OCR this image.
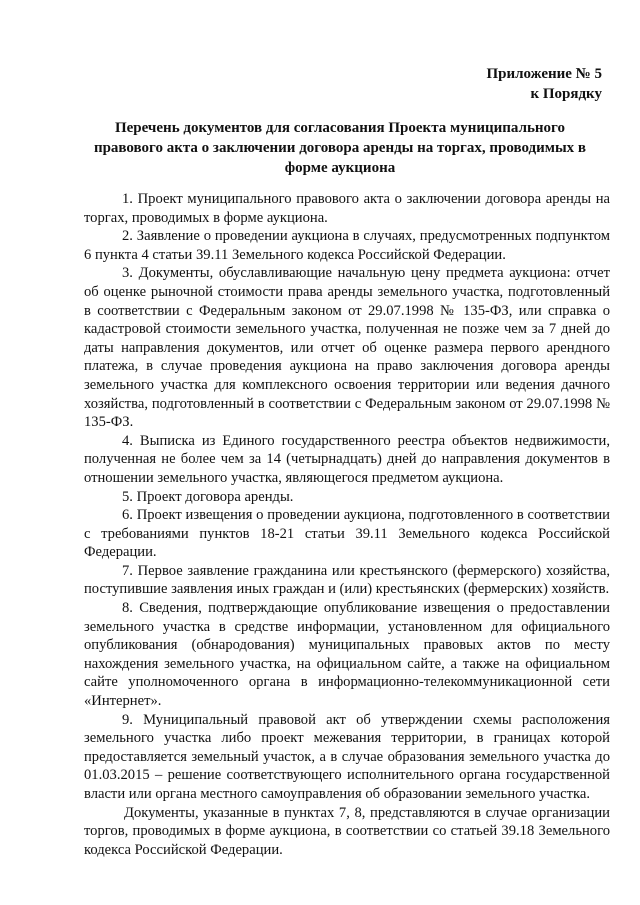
Приложение № 5
к Порядку
Перечень документов для согласования Проекта муниципального правового акта о заключении договора аренды на торгах, проводимых в форме аукциона

1. Проект муниципального правового акта о заключении договора аренды на торгах, проводимых в форме аукциона.

2. Заявление о проведении аукциона в случаях, предусмотренных подпунктом 6 пункта 4 статьи 39.11 Земельного кодекса Российской Федерации.

3. Документы, обуславливающие начальную цену предмета аукциона: отчет об оценке рыночной стоимости права аренды земельного участка, подготовленный в соответствии с Федеральным законом от 29.07.1998 № 135-ФЗ, или справка о кадастровой стоимости земельного участка, полученная не позже чем за 7 дней до даты направления документов, или отчет об оценке размера первого арендного платежа, в случае проведения аукциона на право заключения договора аренды земельного участка для комплексного освоения территории или ведения дачного хозяйства, подготовленный в соответствии с Федеральным законом от 29.07.1998 № 135-ФЗ.

4. Выписка из Единого государственного реестра объектов недвижимости, полученная не более чем за 14 (четырнадцать) дней до направления документов в отношении земельного участка, являющегося предметом аукциона.

5. Проект договора аренды.

6. Проект извещения о проведении аукциона, подготовленного в соответствии с требованиями пунктов 18-21 статьи 39.11 Земельного кодекса Российской Федерации.

7. Первое заявление гражданина или крестьянского (фермерского) хозяйства, поступившие заявления иных граждан и (или) крестьянских (фермерских) хозяйств.

8. Сведения, подтверждающие опубликование извещения о предоставлении земельного участка в средстве информации, установленном для официального опубликования (обнародования) муниципальных правовых актов по месту нахождения земельного участка, на официальном сайте, а также на официальном сайте уполномоченного органа в информационно-телекоммуникационной сети «Интернет».

9. Муниципальный правовой акт об утверждении схемы расположения земельного участка либо проект межевания территории, в границах которой предоставляется земельный участок, а в случае образования земельного участка до 01.03.2015 – решение соответствующего исполнительного органа государственной власти или органа местного самоуправления об образовании земельного участка.

Документы, указанные в пунктах 7, 8, представляются в случае организации торгов, проводимых в форме аукциона, в соответствии со статьей 39.18 Земельного кодекса Российской Федерации.
